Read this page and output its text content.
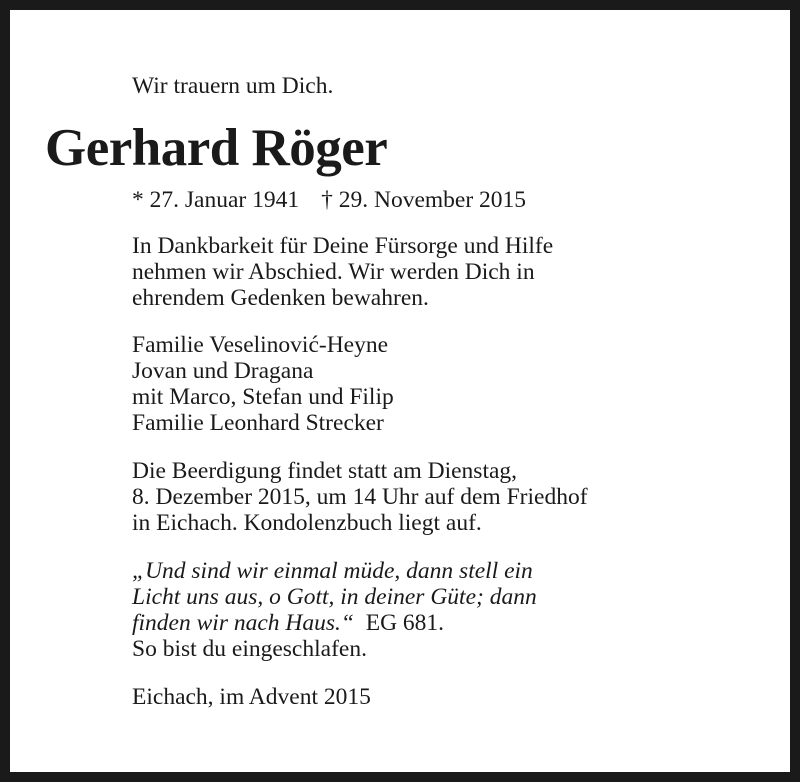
Wir trauern um Dich.
Gerhard Röger
* 27. Januar 1941 † 29. November 2015
In Dankbarkeit für Deine Fürsorge und Hilfe
nehmen wir Abschied. Wir werden Dich in
ehrendem Gedenken bewahren.
Familie Veselinović-Heyne
Jovan und Dragana
mit Marco, Stefan und Filip
Familie Leonhard Strecker
Die Beerdigung findet statt am Dienstag,
8. Dezember 2015, um 14 Uhr auf dem Friedhof
in Eichach. Kondolenzbuch liegt auf.
„Und sind wir einmal müde, dann stell ein
Licht uns aus, o Gott, in deiner Güte; dann
finden wir nach Haus.“ EG 681.
So bist du eingeschlafen.
Eichach, im Advent 2015
